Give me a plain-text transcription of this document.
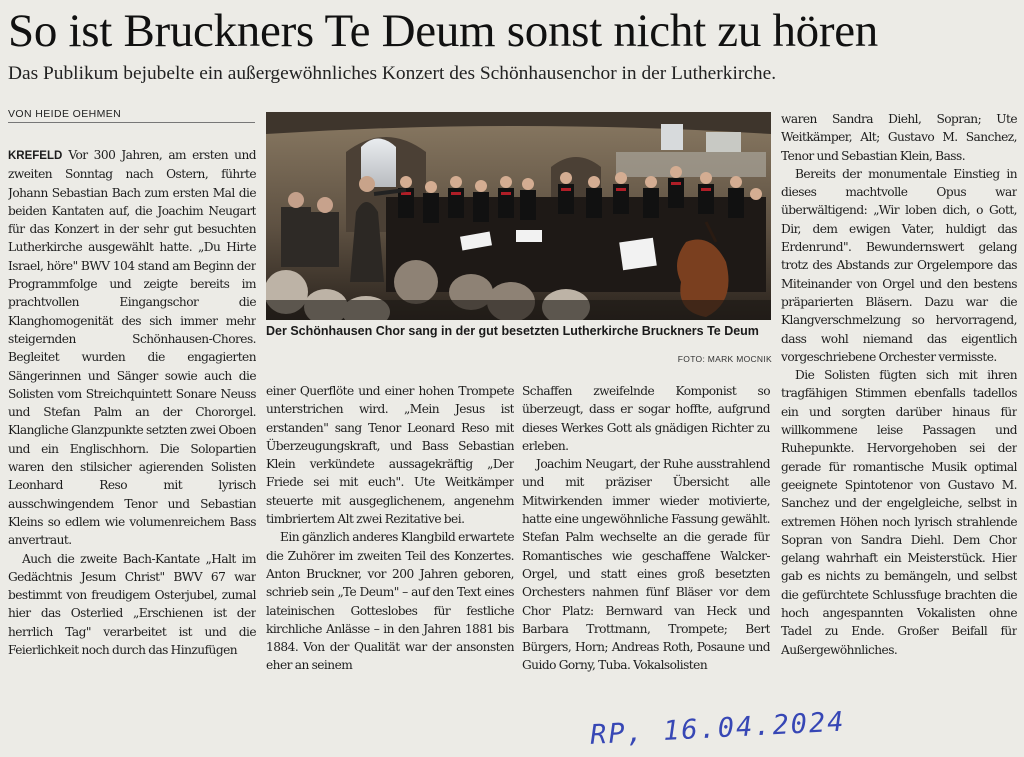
So ist Bruckners Te Deum sonst nicht zu hören
Das Publikum bejubelte ein außergewöhnliches Konzert des Schönhausenchor in der Lutherkirche.
VON HEIDE OEHMEN

KREFELD Vor 300 Jahren, am ersten und zweiten Sonntag nach Ostern, führte Johann Sebastian Bach zum ersten Mal die beiden Kantaten auf, die Joachim Neugart für das Konzert in der sehr gut besuchten Lutherkirche ausgewählt hatte. „Du Hirte Israel, höre" BWV 104 stand am Beginn der Programmfolge und zeigte bereits im prachtvollen Eingangschor die Klanghomogenität des sich immer mehr steigernden Schönhausen-Chores. Begleitet wurden die engagierten Sängerinnen und Sänger sowie auch die Solisten vom Streichquintett Sonare Neuss und Stefan Palm an der Chororgel. Klangliche Glanzpunkte setzten zwei Oboen und ein Englischhorn. Die Solopartien waren den stilsicher agierenden Solisten Leonhard Reso mit lyrisch ausschwingendem Tenor und Sebastian Kleins so edlem wie volumenreichem Bass anvertraut.

Auch die zweite Bach-Kantate „Halt im Gedächtnis Jesum Christ" BWV 67 war bestimmt von freudigem Osterjubel, zumal hier das Osterlied „Erschienen ist der herrlich Tag" verarbeitet ist und die Feierlichkeit noch durch das Hinzufügen

Der Schönhausen Chor sang in der gut besetzten Lutherkirche Bruckners Te Deum
FOTO: MARK MOCNIK

einer Querflöte und einer hohen Trompete unterstrichen wird. „Mein Jesus ist erstanden" sang Tenor Leonard Reso mit Überzeugungskraft, und Bass Sebastian Klein verkündete aussagekräftig „Der Friede sei mit euch". Ute Weitkämper steuerte mit ausgeglichenem, angenehm timbriertem Alt zwei Rezitative bei.

Ein gänzlich anderes Klangbild erwartete die Zuhörer im zweiten Teil des Konzertes. Anton Bruckner, vor 200 Jahren geboren, schrieb sein „Te Deum" – auf den Text eines lateinischen Gotteslobes für festliche kirchliche Anlässe – in den Jahren 1881 bis 1884. Von der Qualität war der ansonsten eher an seinem

Schaffen zweifelnde Komponist so überzeugt, dass er sogar hoffte, aufgrund dieses Werkes Gott als gnädigen Richter zu erleben.

Joachim Neugart, der Ruhe ausstrahlend und mit präziser Übersicht alle Mitwirkenden immer wieder motivierte, hatte eine ungewöhnliche Fassung gewählt. Stefan Palm wechselte an die gerade für Romantisches wie geschaffene Walcker-Orgel, und statt eines groß besetzten Orchesters nahmen fünf Bläser vor dem Chor Platz: Bernward van Heck und Barbara Trottmann, Trompete; Bert Bürgers, Horn; Andreas Roth, Posaune und Guido Gorny, Tuba. Vokalsolisten

waren Sandra Diehl, Sopran; Ute Weitkämper, Alt; Gustavo M. Sanchez, Tenor und Sebastian Klein, Bass.

Bereits der monumentale Einstieg in dieses machtvolle Opus war überwältigend: „Wir loben dich, o Gott, Dir, dem ewigen Vater, huldigt das Erdenrund". Bewundernswert gelang trotz des Abstands zur Orgelempore das Miteinander von Orgel und den bestens präparierten Bläsern. Dazu war die Klangverschmelzung so hervorragend, dass wohl niemand das eigentlich vorgeschriebene Orchester vermisste.

Die Solisten fügten sich mit ihren tragfähigen Stimmen ebenfalls tadellos ein und sorgten darüber hinaus für willkommene leise Passagen und Ruhepunkte. Hervorgehoben sei der gerade für romantische Musik optimal geeignete Spintotenor von Gustavo M. Sanchez und der engelgleiche, selbst in extremen Höhen noch lyrisch strahlende Sopran von Sandra Diehl. Dem Chor gelang wahrhaft ein Meisterstück. Hier gab es nichts zu bemängeln, und selbst die gefürchtete Schlussfuge brachten die hoch angespannten Vokalisten ohne Tadel zu Ende. Großer Beifall für Außergewöhnliches.

RP, 16.04.2024
